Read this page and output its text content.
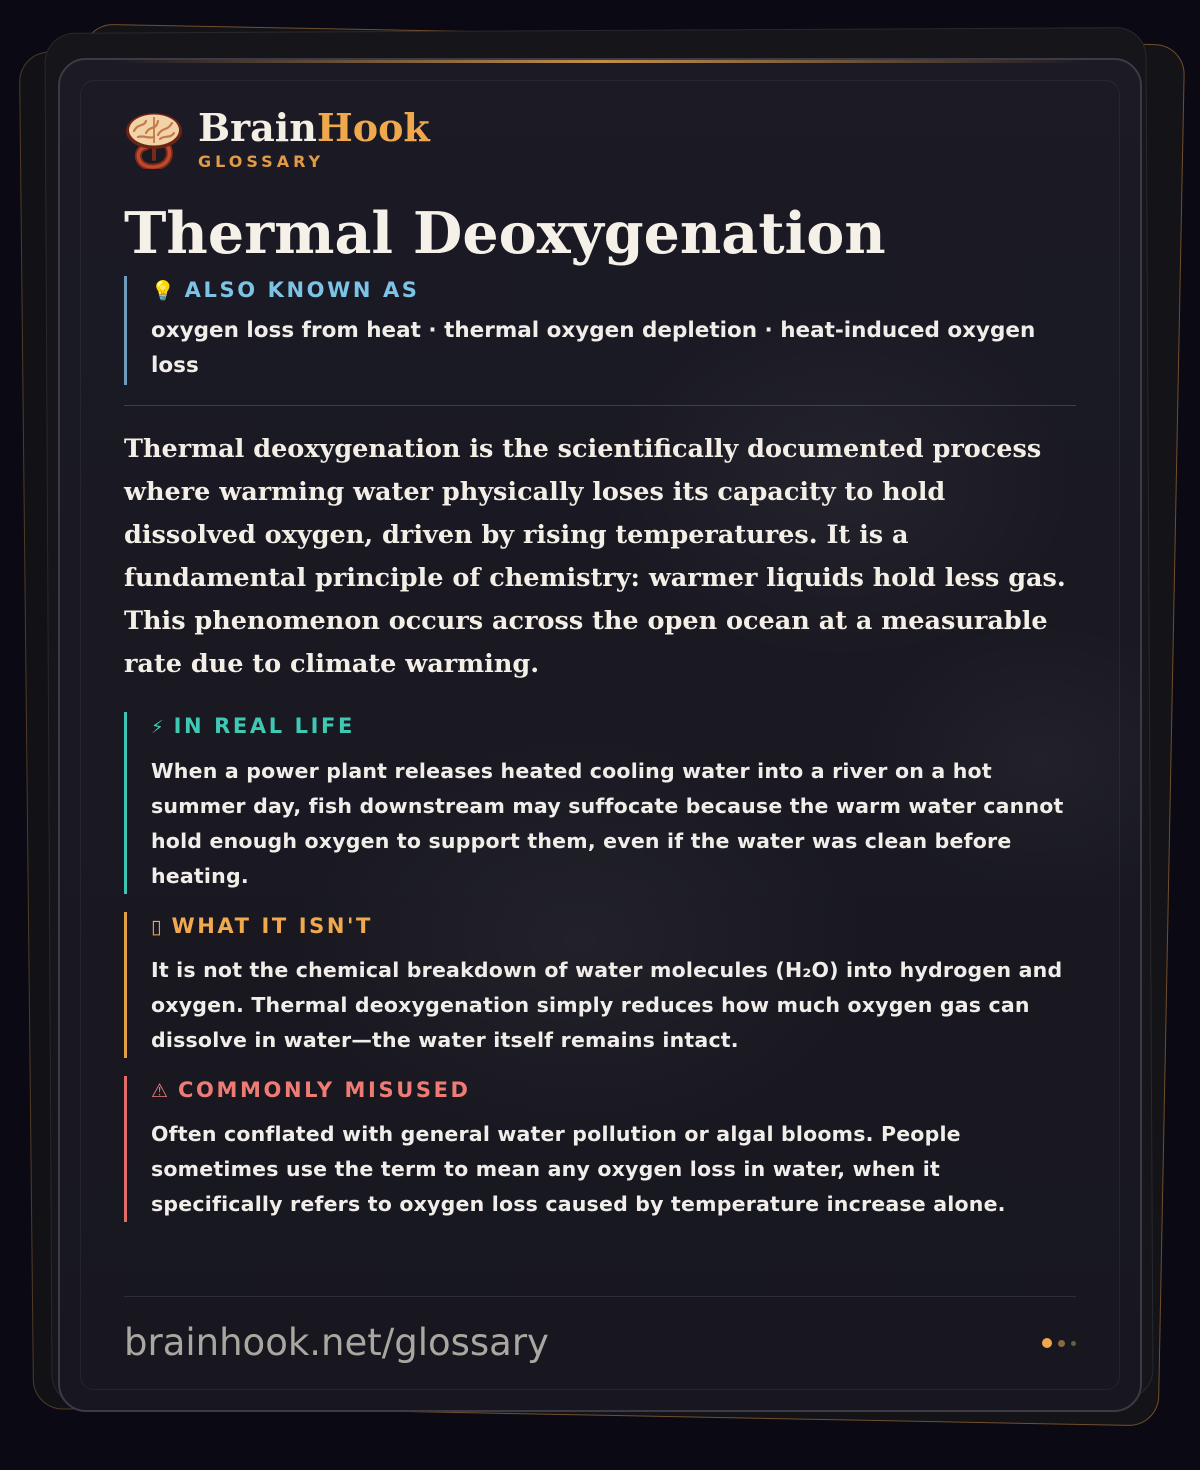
BrainHook
GLOSSARY
Thermal Deoxygenation
💡 ALSO KNOWN AS
oxygen loss from heat · thermal oxygen depletion · heat-induced oxygen loss

Thermal deoxygenation is the scientifically documented process where warming water physically loses its capacity to hold dissolved oxygen, driven by rising temperatures. It is a fundamental principle of chemistry: warmer liquids hold less gas. This phenomenon occurs across the open ocean at a measurable rate due to climate warming.

⚡ IN REAL LIFE
When a power plant releases heated cooling water into a river on a hot summer day, fish downstream may suffocate because the warm water cannot hold enough oxygen to support them, even if the water was clean before heating.
▯ WHAT IT ISN'T
It is not the chemical breakdown of water molecules (H₂O) into hydrogen and oxygen. Thermal deoxygenation simply reduces how much oxygen gas can dissolve in water—the water itself remains intact.
⚠ COMMONLY MISUSED
Often conflated with general water pollution or algal blooms. People sometimes use the term to mean any oxygen loss in water, when it specifically refers to oxygen loss caused by temperature increase alone.
brainhook.net/glossary
